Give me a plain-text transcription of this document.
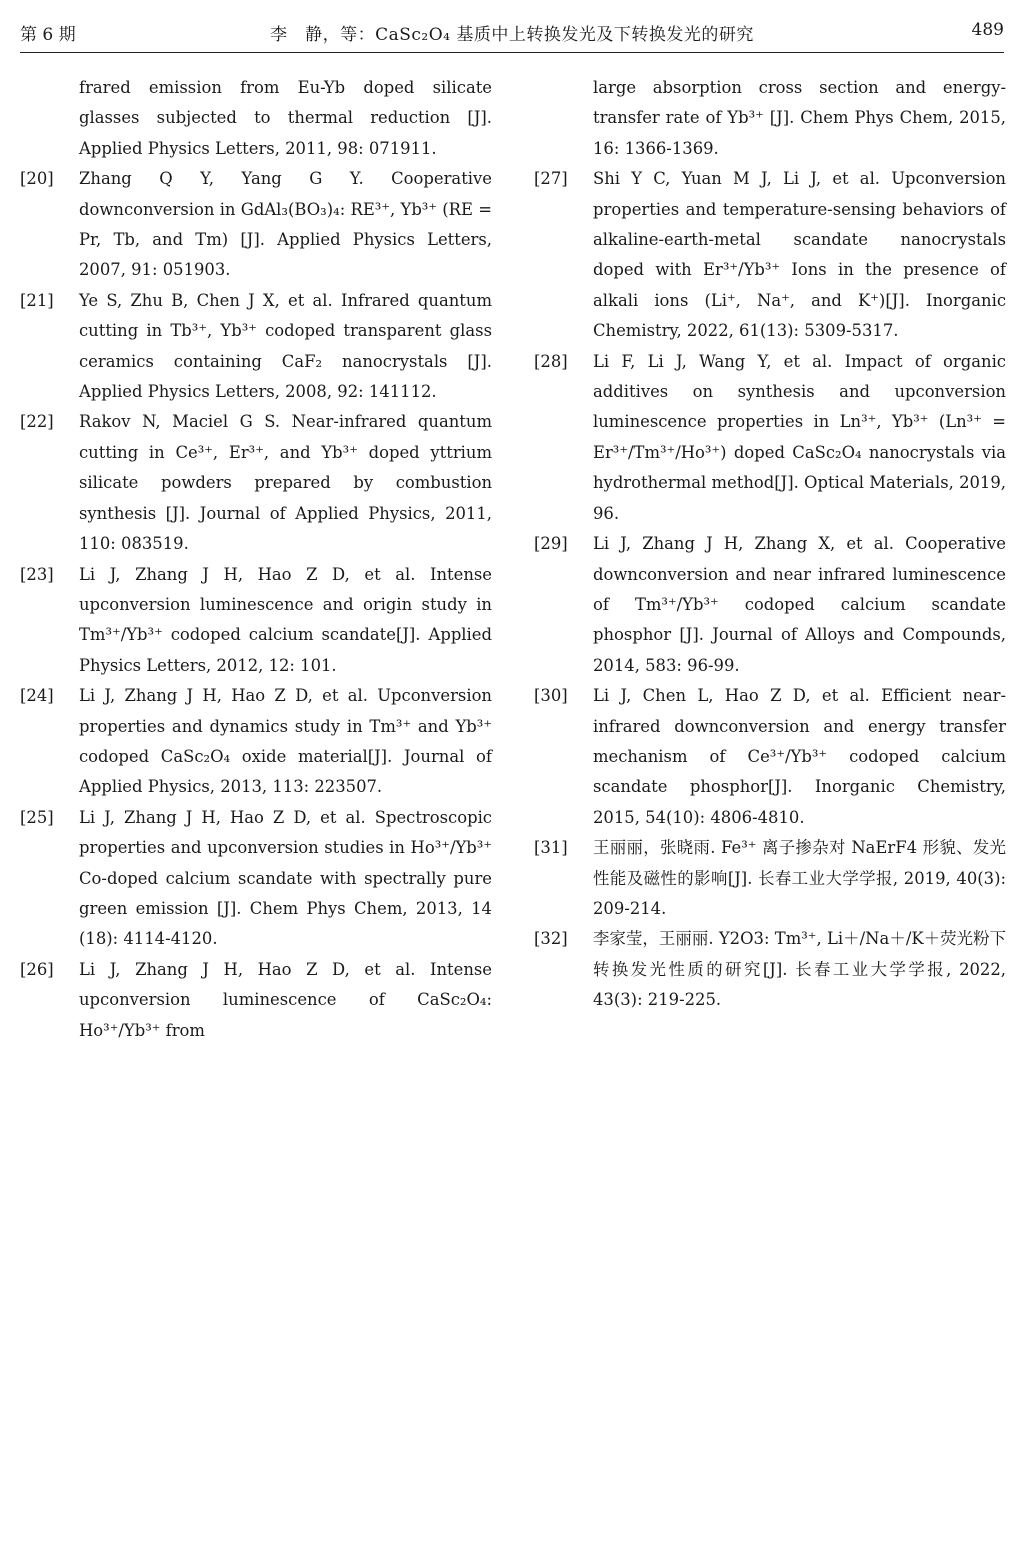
第 6 期	李　静，等：CaSc₂O₄ 基质中上转换发光及下转换发光的研究	489
frared emission from Eu-Yb doped silicate glasses subjected to thermal reduction [J]. Applied Physics Letters, 2011, 98: 071911.
[20] Zhang Q Y, Yang G Y. Cooperative downconversion in GdAl₃(BO₃)₄: RE³⁺, Yb³⁺ (RE = Pr, Tb, and Tm) [J]. Applied Physics Letters, 2007, 91: 051903.
[21] Ye S, Zhu B, Chen J X, et al. Infrared quantum cutting in Tb³⁺, Yb³⁺ codoped transparent glass ceramics containing CaF₂ nanocrystals [J]. Applied Physics Letters, 2008, 92: 141112.
[22] Rakov N, Maciel G S. Near-infrared quantum cutting in Ce³⁺, Er³⁺, and Yb³⁺ doped yttrium silicate powders prepared by combustion synthesis [J]. Journal of Applied Physics, 2011, 110: 083519.
[23] Li J, Zhang J H, Hao Z D, et al. Intense upconversion luminescence and origin study in Tm³⁺/Yb³⁺ codoped calcium scandate[J]. Applied Physics Letters, 2012, 12: 101.
[24] Li J, Zhang J H, Hao Z D, et al. Upconversion properties and dynamics study in Tm³⁺ and Yb³⁺ codoped CaSc₂O₄ oxide material[J]. Journal of Applied Physics, 2013, 113: 223507.
[25] Li J, Zhang J H, Hao Z D, et al. Spectroscopic properties and upconversion studies in Ho³⁺/Yb³⁺ Co-doped calcium scandate with spectrally pure green emission [J]. Chem Phys Chem, 2013, 14 (18): 4114-4120.
[26] Li J, Zhang J H, Hao Z D, et al. Intense upconversion luminescence of CaSc₂O₄: Ho³⁺/Yb³⁺ from
large absorption cross section and energy-transfer rate of Yb³⁺ [J]. Chem Phys Chem, 2015, 16: 1366-1369.
[27] Shi Y C, Yuan M J, Li J, et al. Upconversion properties and temperature-sensing behaviors of alkaline-earth-metal scandate nanocrystals doped with Er³⁺/Yb³⁺ Ions in the presence of alkali ions (Li⁺, Na⁺, and K⁺)[J]. Inorganic Chemistry, 2022, 61(13): 5309-5317.
[28] Li F, Li J, Wang Y, et al. Impact of organic additives on synthesis and upconversion luminescence properties in Ln³⁺, Yb³⁺ (Ln³⁺ = Er³⁺/Tm³⁺/Ho³⁺) doped CaSc₂O₄ nanocrystals via hydrothermal method[J]. Optical Materials, 2019, 96.
[29] Li J, Zhang J H, Zhang X, et al. Cooperative downconversion and near infrared luminescence of Tm³⁺/Yb³⁺ codoped calcium scandate phosphor [J]. Journal of Alloys and Compounds, 2014, 583: 96-99.
[30] Li J, Chen L, Hao Z D, et al. Efficient near-infrared downconversion and energy transfer mechanism of Ce³⁺/Yb³⁺ codoped calcium scandate phosphor[J]. Inorganic Chemistry, 2015, 54(10): 4806-4810.
[31] 王丽丽，张晓雨. Fe³⁺ 离子掺杂对 NaErF4 形貌、发光性能及磁性的影响[J]. 长春工业大学学报, 2019, 40(3): 209-214.
[32] 李家莹，王丽丽. Y2O3: Tm³⁺, Li＋/Na＋/K＋荧光粉下转换发光性质的研究[J]. 长春工业大学学报, 2022, 43(3): 219-225.
